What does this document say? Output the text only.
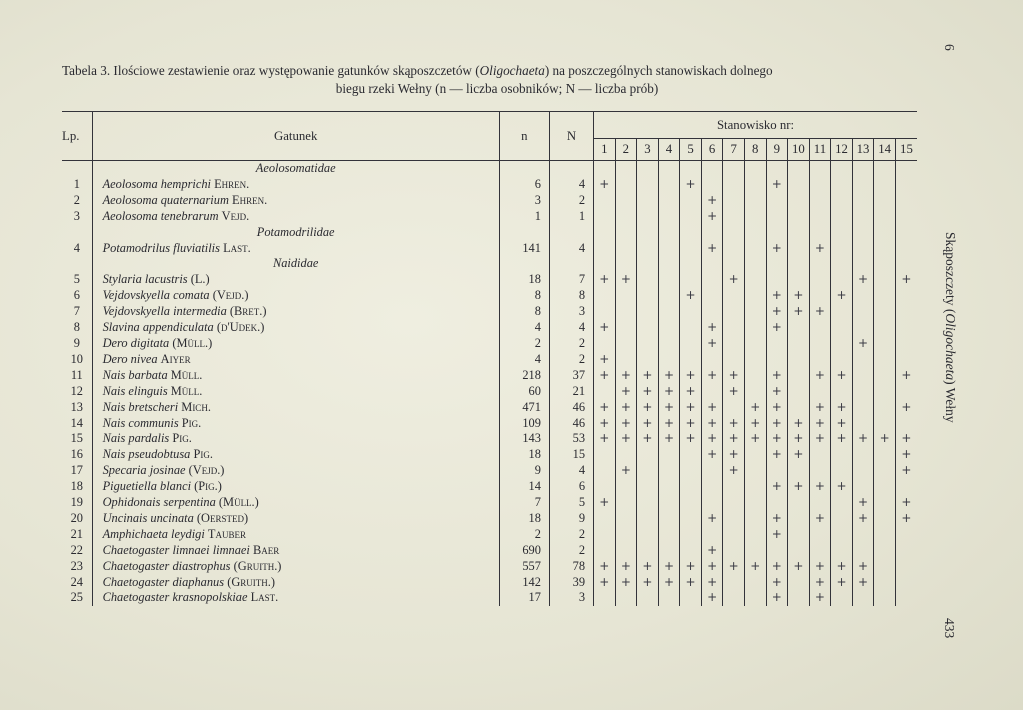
Tabela 3. Ilościowe zestawienie oraz występowanie gatunków skąposzczetów (Oligochaeta) na poszczególnych stanowiskach dolnego
biegu rzeki Wełny (n — liczba osobników; N — liczba prób)
Lp.	Gatunek	n	N	Stanowisko nr:														
				1	2	3	4	5	6	7	8	9	10	11	12	13	14	15
	Aeolosomatidae																	
1	Aeolosoma hemprichi Ehren.	6	4	+				+				+						
2	Aeolosoma quaternarium Ehren.	3	2						+									
3	Aeolosoma tenebrarum Vejd.	1	1						+									
	Potamodrilidae																	
4	Potamodrilus fluviatilis Last.	141	4						+			+		+				
	Naididae																	
5	Stylaria lacustris (L.)	18	7	+	+					+						+		+
6	Vejdovskyella comata (Vejd.)	8	8					+				+	+		+			
7	Vejdovskyella intermedia (Bret.)	8	3									+	+	+				
8	Slavina appendiculata (d'Udek.)	4	4	+					+			+						
9	Dero digitata (Müll.)	2	2						+							+		
10	Dero nivea Aiyer	4	2	+														
11	Nais barbata Müll.	218	37	+	+	+	+	+	+	+		+		+	+			+
12	Nais elinguis Müll.	60	21		+	+	+	+		+		+						
13	Nais bretscheri Mich.	471	46	+	+	+	+	+	+		+	+		+	+			+
14	Nais communis Pig.	109	46	+	+	+	+	+	+	+	+	+	+	+	+			
15	Nais pardalis Pig.	143	53	+	+	+	+	+	+	+	+	+	+	+	+	+	+	+
16	Nais pseudobtusa Pig.	18	15						+	+		+	+					+
17	Specaria josinae (Vejd.)	9	4		+					+								+
18	Piguetiella blanci (Pig.)	14	6									+	+	+	+			
19	Ophidonais serpentina (Müll.)	7	5	+												+		+
20	Uncinais uncinata (Oersted)	18	9						+			+		+		+		+
21	Amphichaeta leydigi Tauber	2	2									+						
22	Chaetogaster limnaei limnaei Baer	690	2						+									
23	Chaetogaster diastrophus (Gruith.)	557	78	+	+	+	+	+	+	+	+	+	+	+	+	+		
24	Chaetogaster diaphanus (Gruith.)	142	39	+	+	+	+	+	+			+		+	+	+		
25	Chaetogaster krasnopolskiae Last.	17	3						+			+		+				
6
Skąposzczety (Oligochaeta) Wełny
433
